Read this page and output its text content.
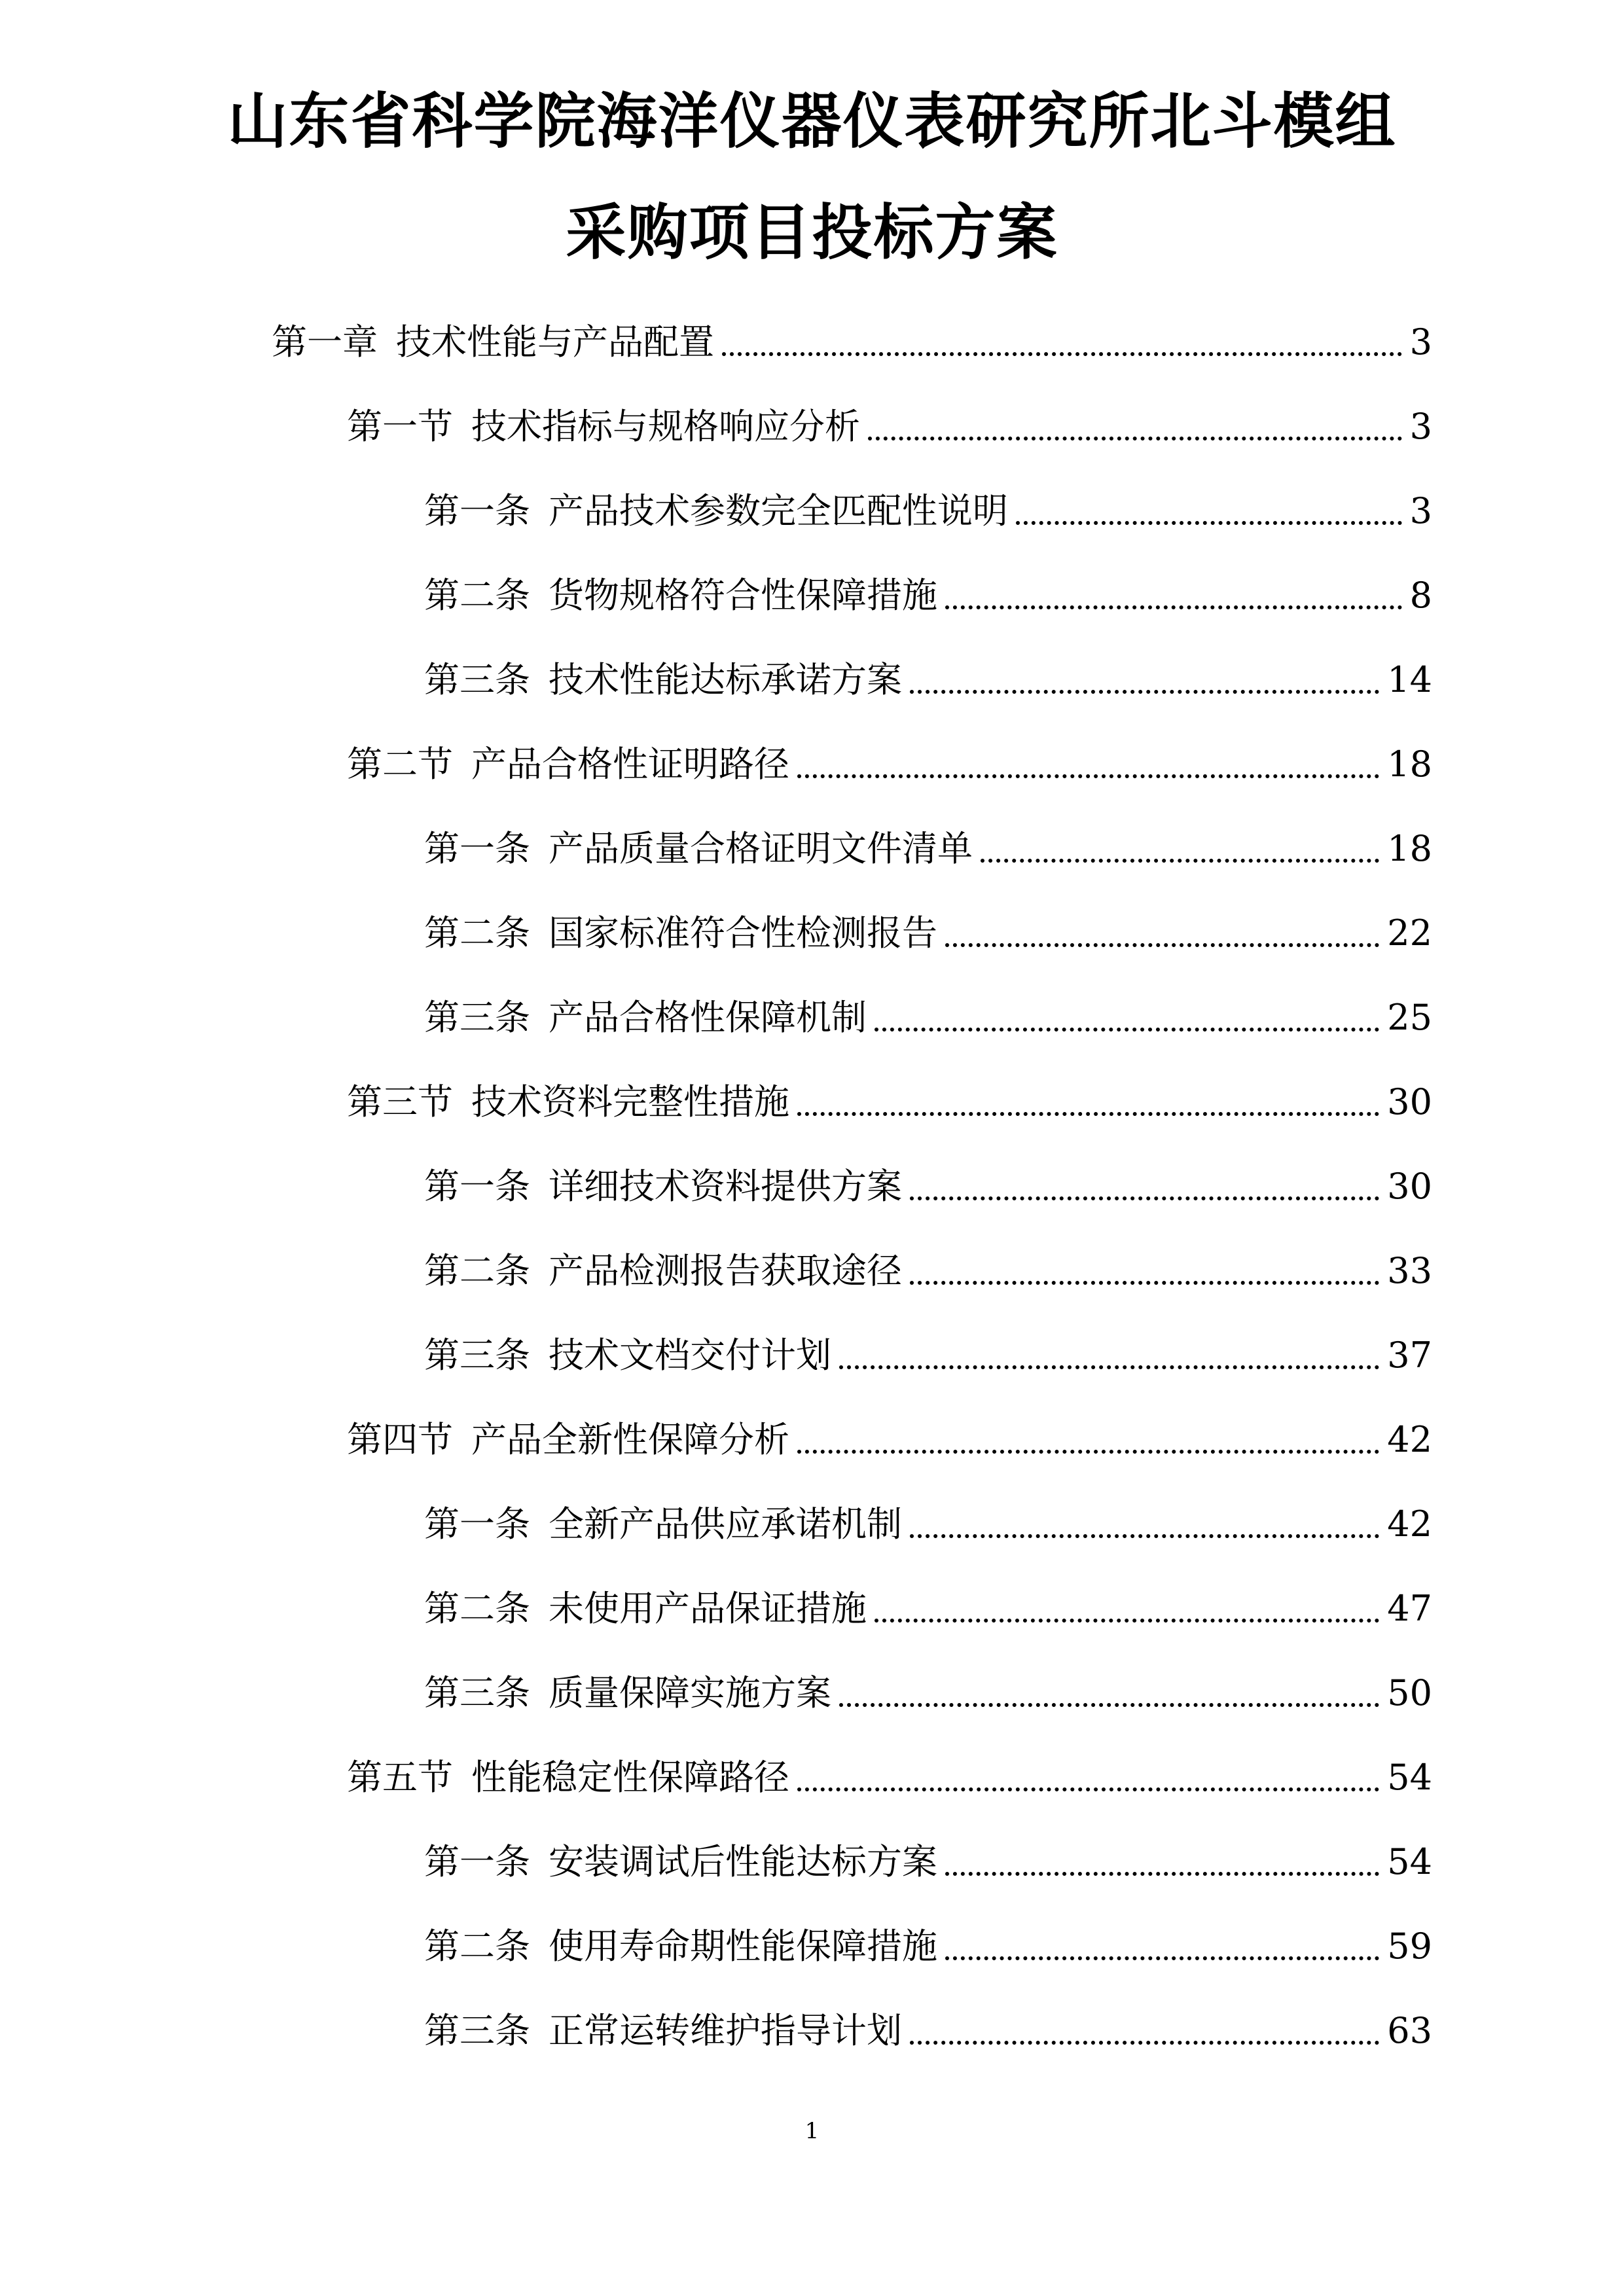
山东省科学院海洋仪器仪表研究所北斗模组
采购项目投标方案
第一章 技术性能与产品配置	3
第一节 技术指标与规格响应分析	3
第一条 产品技术参数完全匹配性说明	3
第二条 货物规格符合性保障措施	8
第三条 技术性能达标承诺方案	14
第二节 产品合格性证明路径	18
第一条 产品质量合格证明文件清单	18
第二条 国家标准符合性检测报告	22
第三条 产品合格性保障机制	25
第三节 技术资料完整性措施	30
第一条 详细技术资料提供方案	30
第二条 产品检测报告获取途径	33
第三条 技术文档交付计划	37
第四节 产品全新性保障分析	42
第一条 全新产品供应承诺机制	42
第二条 未使用产品保证措施	47
第三条 质量保障实施方案	50
第五节 性能稳定性保障路径	54
第一条 安装调试后性能达标方案	54
第二条 使用寿命期性能保障措施	59
第三条 正常运转维护指导计划	63
1
